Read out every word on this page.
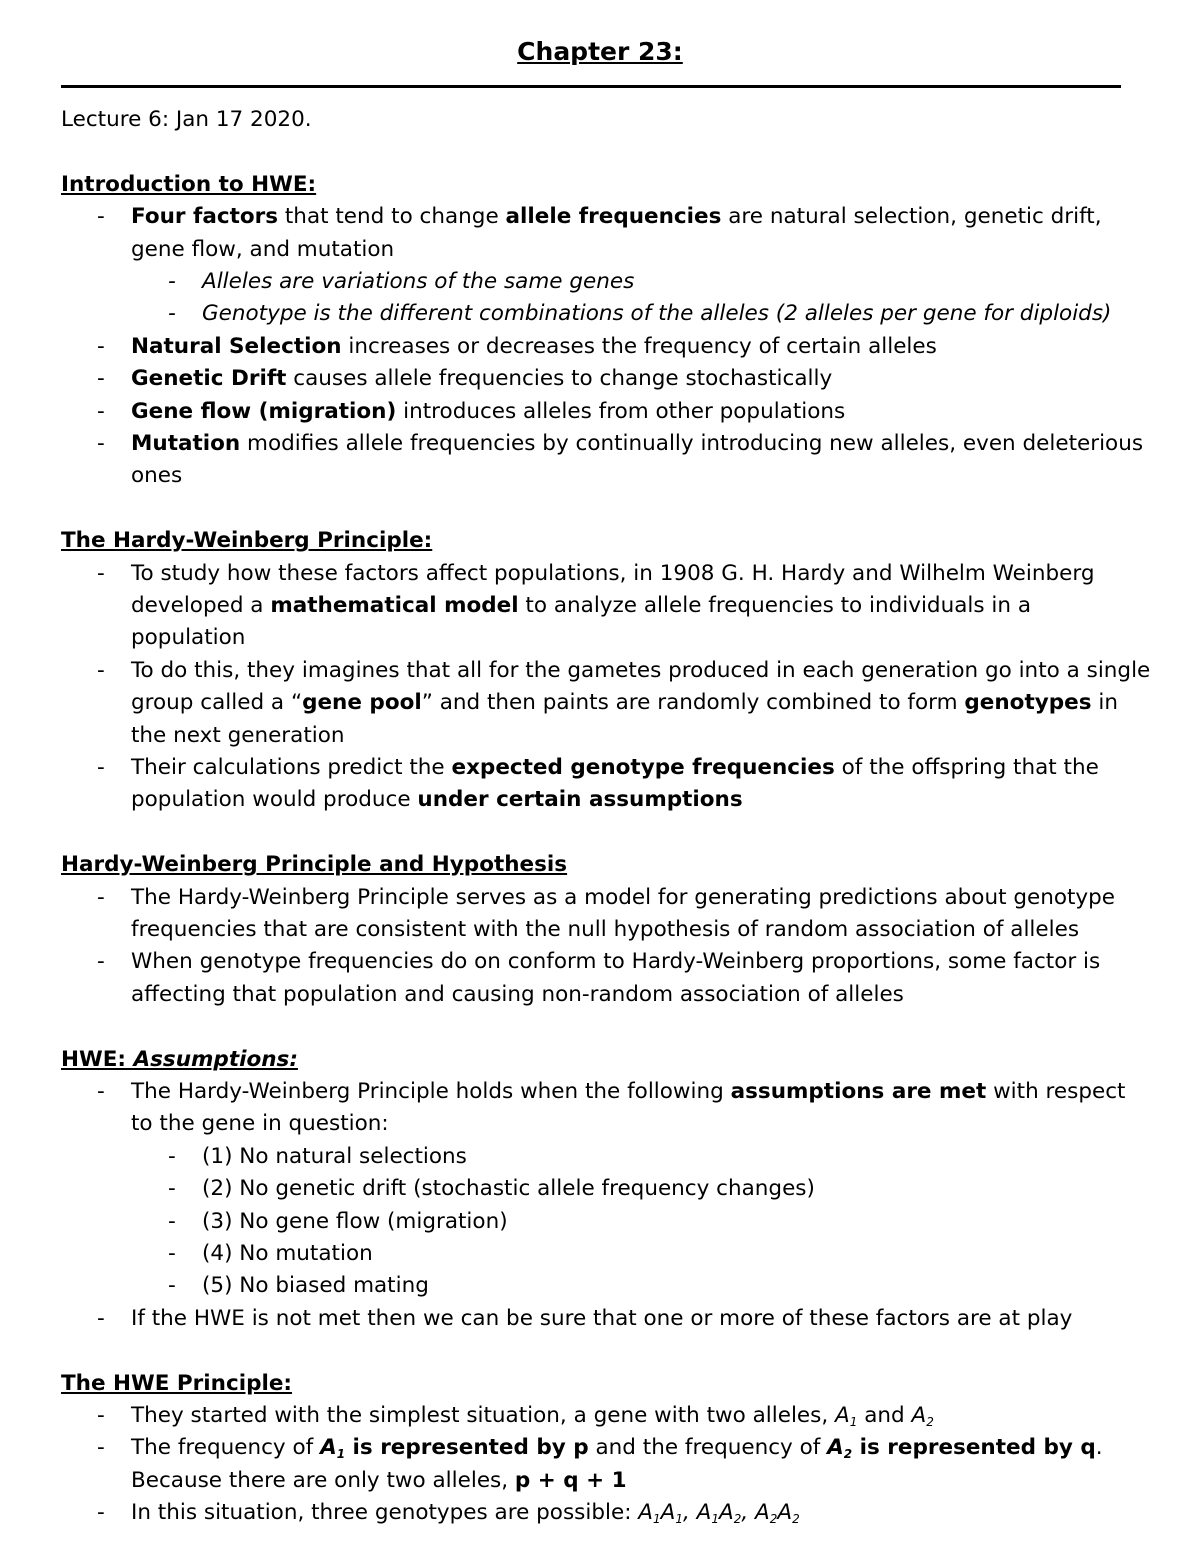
Chapter 23:
Lecture 6: Jan 17 2020.
Introduction to HWE:
- Four factors that tend to change allele frequencies are natural selection, genetic drift, gene flow, and mutation
- Alleles are variations of the same genes
- Genotype is the different combinations of the alleles (2 alleles per gene for diploids)
- Natural Selection increases or decreases the frequency of certain alleles
- Genetic Drift causes allele frequencies to change stochastically
- Gene flow (migration) introduces alleles from other populations
- Mutation modifies allele frequencies by continually introducing new alleles, even deleterious ones
The Hardy-Weinberg Principle:
- To study how these factors affect populations, in 1908 G. H. Hardy and Wilhelm Weinberg developed a mathematical model to analyze allele frequencies to individuals in a population
- To do this, they imagines that all for the gametes produced in each generation go into a single group called a “gene pool” and then paints are randomly combined to form genotypes in the next generation
- Their calculations predict the expected genotype frequencies of the offspring that the population would produce under certain assumptions
Hardy-Weinberg Principle and Hypothesis
- The Hardy-Weinberg Principle serves as a model for generating predictions about genotype frequencies that are consistent with the null hypothesis of random association of alleles
- When genotype frequencies do on conform to Hardy-Weinberg proportions, some factor is affecting that population and causing non-random association of alleles
HWE: Assumptions:
- The Hardy-Weinberg Principle holds when the following assumptions are met with respect to the gene in question:
- (1) No natural selections
- (2) No genetic drift (stochastic allele frequency changes)
- (3) No gene flow (migration)
- (4) No mutation
- (5) No biased mating
- If the HWE is not met then we can be sure that one or more of these factors are at play
The HWE Principle:
- They started with the simplest situation, a gene with two alleles, $A_1$ and $A_2$
- The frequency of $A_1$ is represented by p and the frequency of $A_2$ is represented by q. Because there are only two alleles, p + q + 1
- In this situation, three genotypes are possible: $A_1A_1$, $A_1A_2$, $A_2A_2$
